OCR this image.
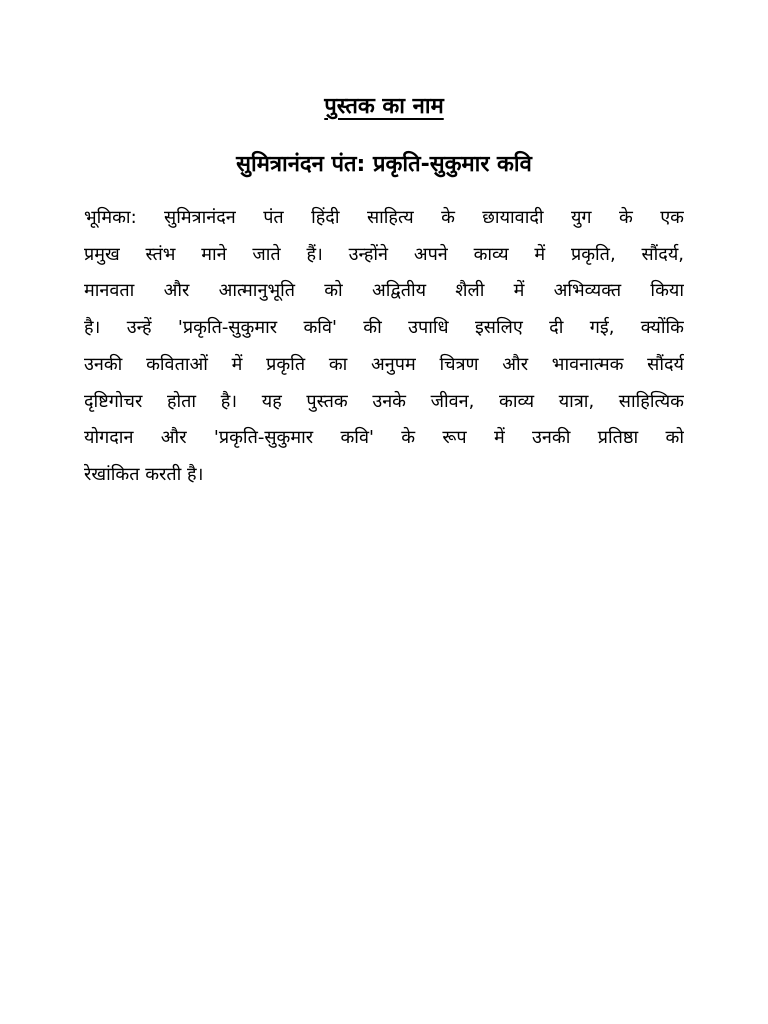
पुस्तक का नाम
सुमित्रानंदन पंत: प्रकृति-सुकुमार कवि
भूमिका: सुमित्रानंदन पंत हिंदी साहित्य के छायावादी युग के एक
प्रमुख स्तंभ माने जाते हैं। उन्होंने अपने काव्य में प्रकृति, सौंदर्य,
मानवता और आत्मानुभूति को अद्वितीय शैली में अभिव्यक्त किया
है। उन्हें 'प्रकृति-सुकुमार कवि' की उपाधि इसलिए दी गई, क्योंकि
उनकी कविताओं में प्रकृति का अनुपम चित्रण और भावनात्मक सौंदर्य
दृष्टिगोचर होता है। यह पुस्तक उनके जीवन, काव्य यात्रा, साहित्यिक
योगदान और 'प्रकृति-सुकुमार कवि' के रूप में उनकी प्रतिष्ठा को
रेखांकित करती है।
